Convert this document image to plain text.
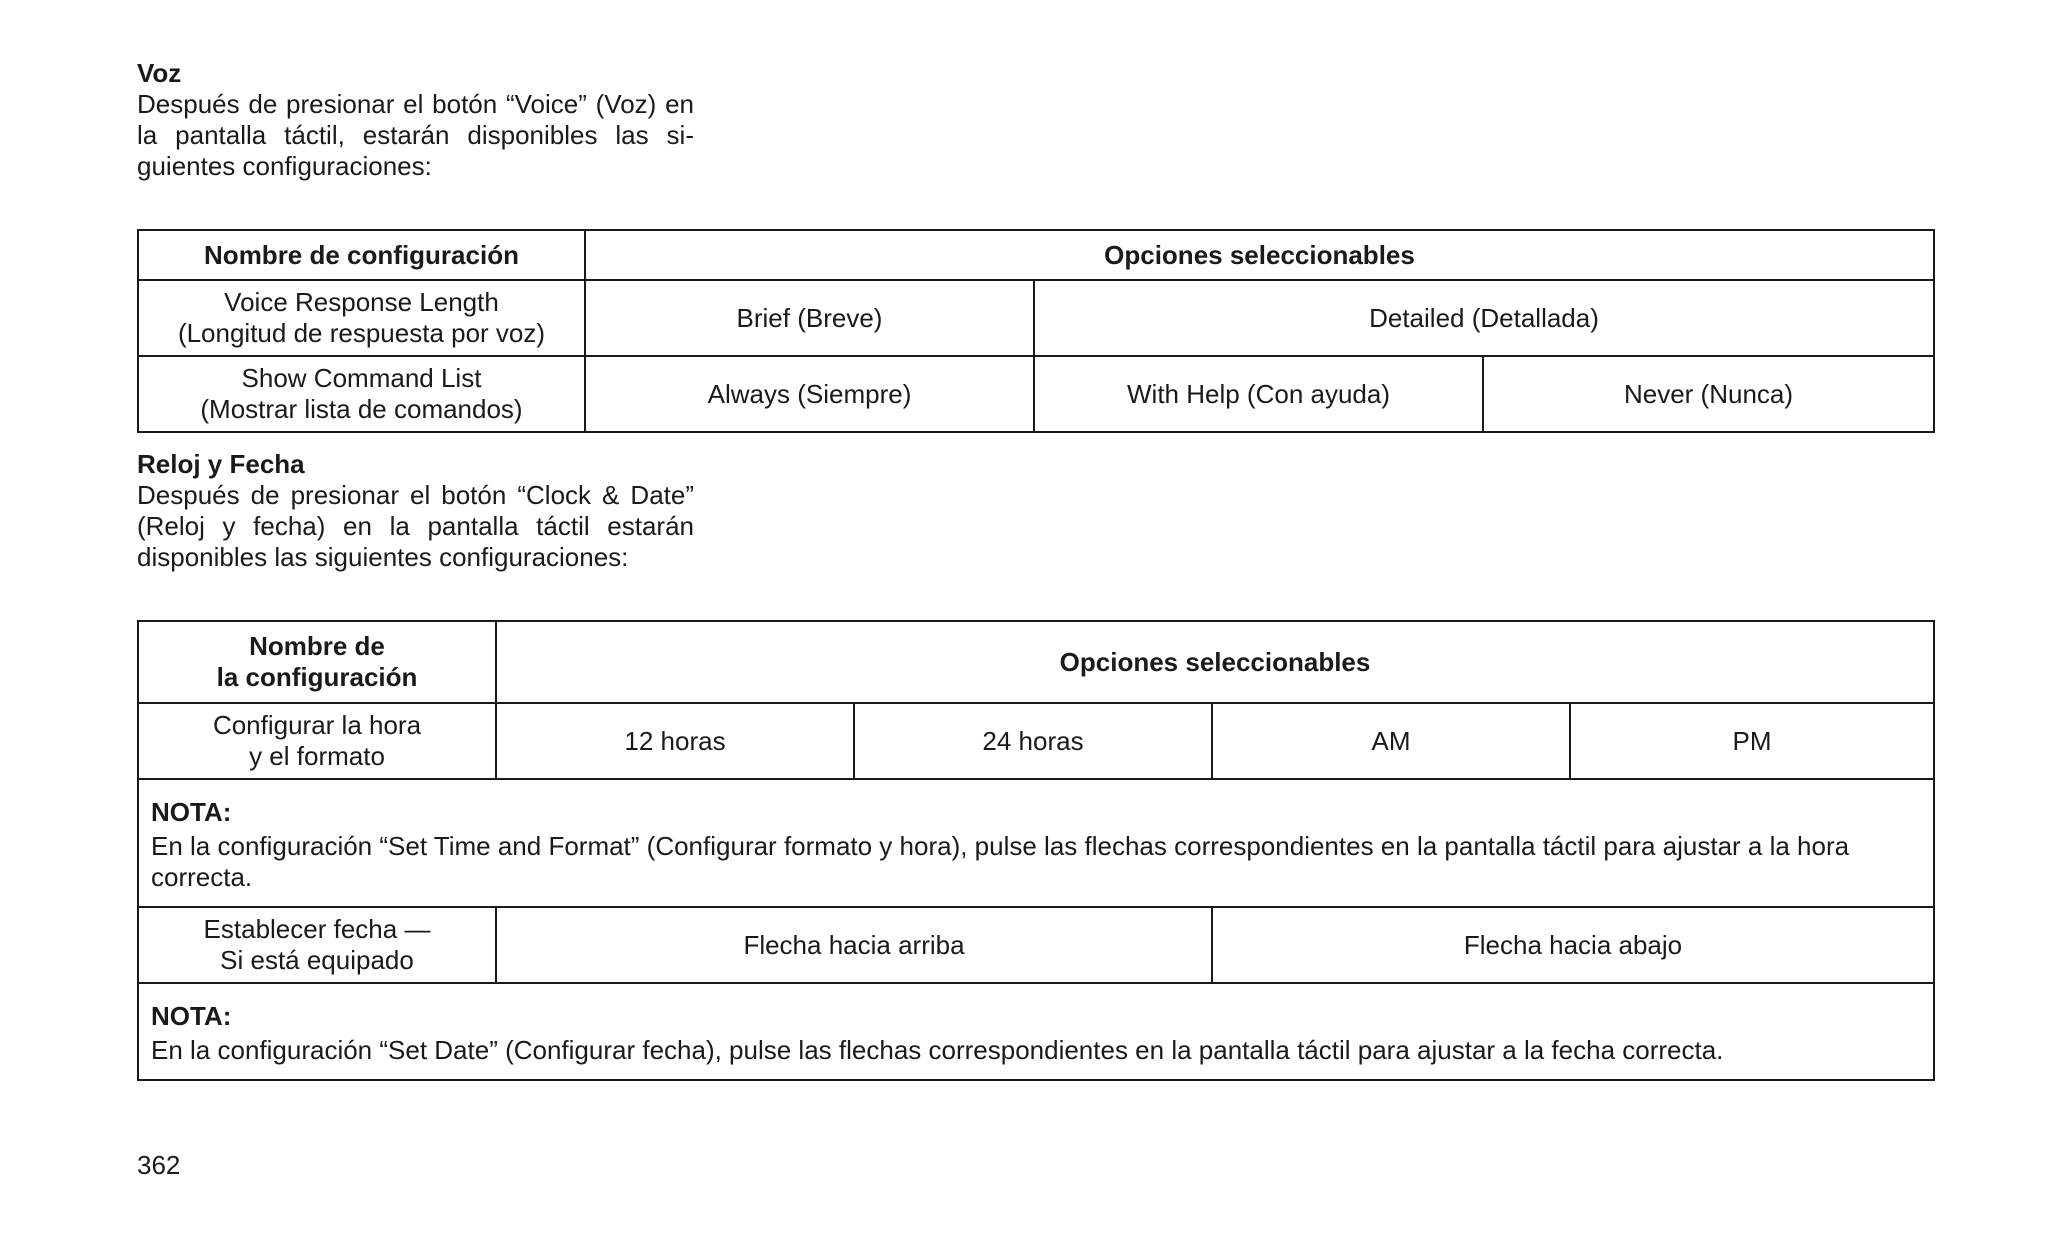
Voz

Después de presionar el botón “Voice” (Voz) en
la pantalla táctil, estarán disponibles las si-
guientes configuraciones:

Nombre de configuración	Opciones seleccionables		

Voice Response Length
(Longitud de respuesta por voz)	Brief (Breve)	Detailed (Detallada)	

Show Command List
(Mostrar lista de comandos)	Always (Siempre)	With Help (Con ayuda)	Never (Nunca)

Reloj y Fecha

Después de presionar el botón “Clock & Date”
(Reloj y fecha) en la pantalla táctil estarán
disponibles las siguientes configuraciones:

Nombre de
la configuración	Opciones seleccionables			

Configurar la hora
y el formato	12 horas	24 horas	AM	PM

NOTA:
En la configuración “Set Time and Format” (Configurar formato y hora), pulse las flechas correspondientes en la pantalla táctil para ajustar a la hora correcta.				

Establecer fecha —
Si está equipado	Flecha hacia arriba		Flecha hacia abajo	

NOTA:
En la configuración “Set Date” (Configurar fecha), pulse las flechas correspondientes en la pantalla táctil para ajustar a la fecha correcta.				
362
